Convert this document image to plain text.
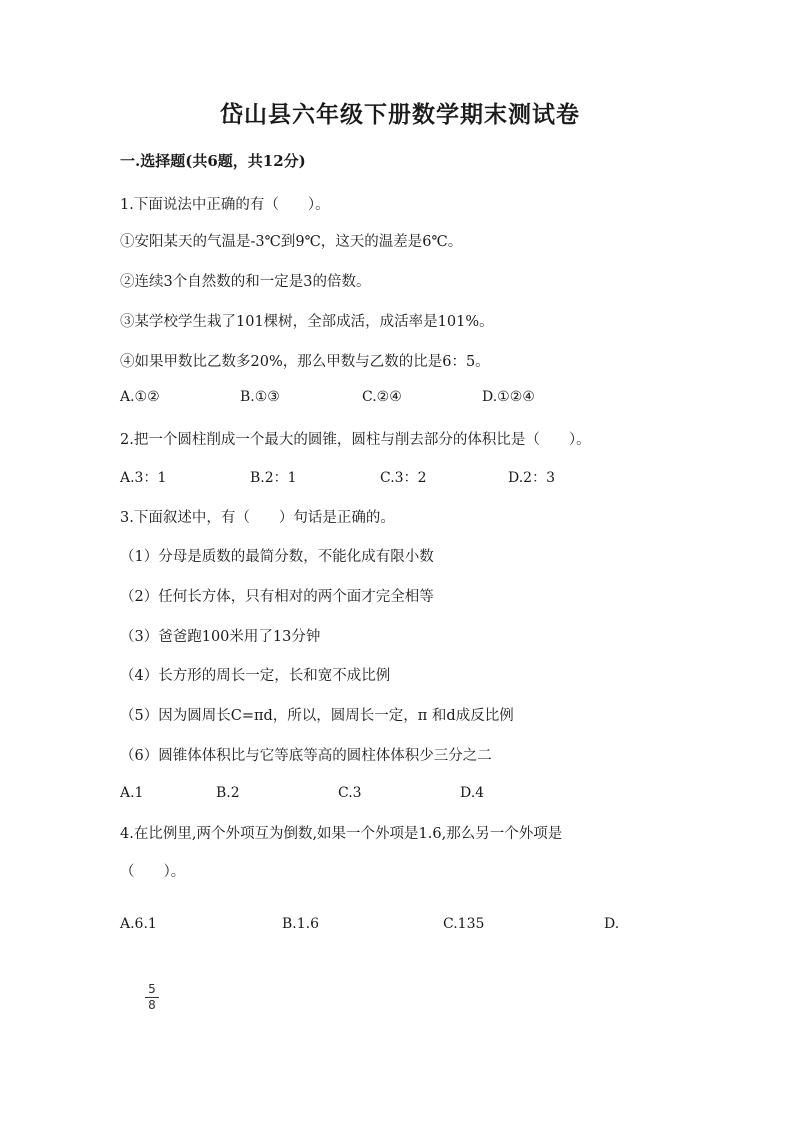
岱山县六年级下册数学期末测试卷
一.选择题(共6题，共12分)
1.下面说法中正确的有（　　）。
①安阳某天的气温是-3℃到9℃，这天的温差是6℃。
②连续3个自然数的和一定是3的倍数。
③某学校学生栽了101棵树，全部成活，成活率是101%。
④如果甲数比乙数多20%，那么甲数与乙数的比是6：5。
A.①②	B.①③	C.②④	D.①②④
2.把一个圆柱削成一个最大的圆锥，圆柱与削去部分的体积比是（　　）。
A.3：1	B.2：1	C.3：2	D.2：3
3.下面叙述中，有（　　）句话是正确的。
（1）分母是质数的最简分数，不能化成有限小数
（2）任何长方体，只有相对的两个面才完全相等
（3）爸爸跑100米用了13分钟
（4）长方形的周长一定，长和宽不成比例
（5）因为圆周长C=πd，所以，圆周长一定，π 和d成反比例
（6）圆锥体体积比与它等底等高的圆柱体体积少三分之二
A.1	B.2	C.3	D.4
4.在比例里,两个外项互为倒数,如果一个外项是1.6,那么另一个外项是
（　　）。
A.6.1	B.1.6	C.135	D.
5
8
